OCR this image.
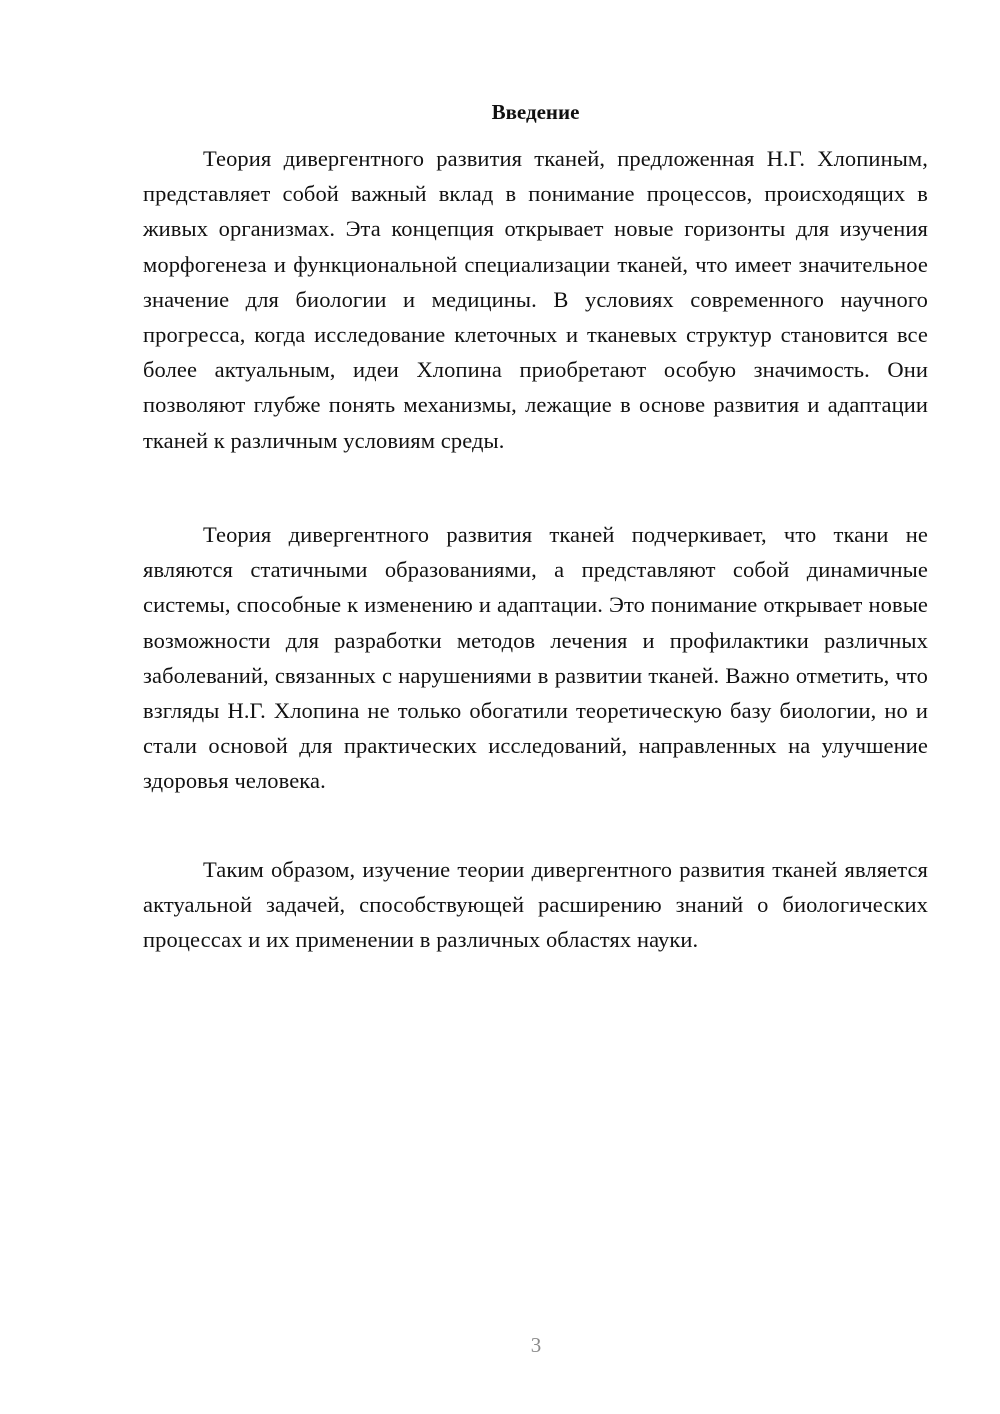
Введение

Теория дивергентного развития тканей, предложенная Н.Г. Хлопиным, представляет собой важный вклад в понимание процессов, происходящих в живых организмах. Эта концепция открывает новые горизонты для изучения морфогенеза и функциональной специализации тканей, что имеет значительное значение для биологии и медицины. В условиях современного научного прогресса, когда исследование клеточных и тканевых структур становится все более актуальным, идеи Хлопина приобретают особую значимость. Они позволяют глубже понять механизмы, лежащие в основе развития и адаптации тканей к различным условиям среды.

Теория дивергентного развития тканей подчеркивает, что ткани не являются статичными образованиями, а представляют собой динамичные системы, способные к изменению и адаптации. Это понимание открывает новые возможности для разработки методов лечения и профилактики различных заболеваний, связанных с нарушениями в развитии тканей. Важно отметить, что взгляды Н.Г. Хлопина не только обогатили теоретическую базу биологии, но и стали основой для практических исследований, направленных на улучшение здоровья человека.

Таким образом, изучение теории дивергентного развития тканей является актуальной задачей, способствующей расширению знаний о биологических процессах и их применении в различных областях науки.

3
